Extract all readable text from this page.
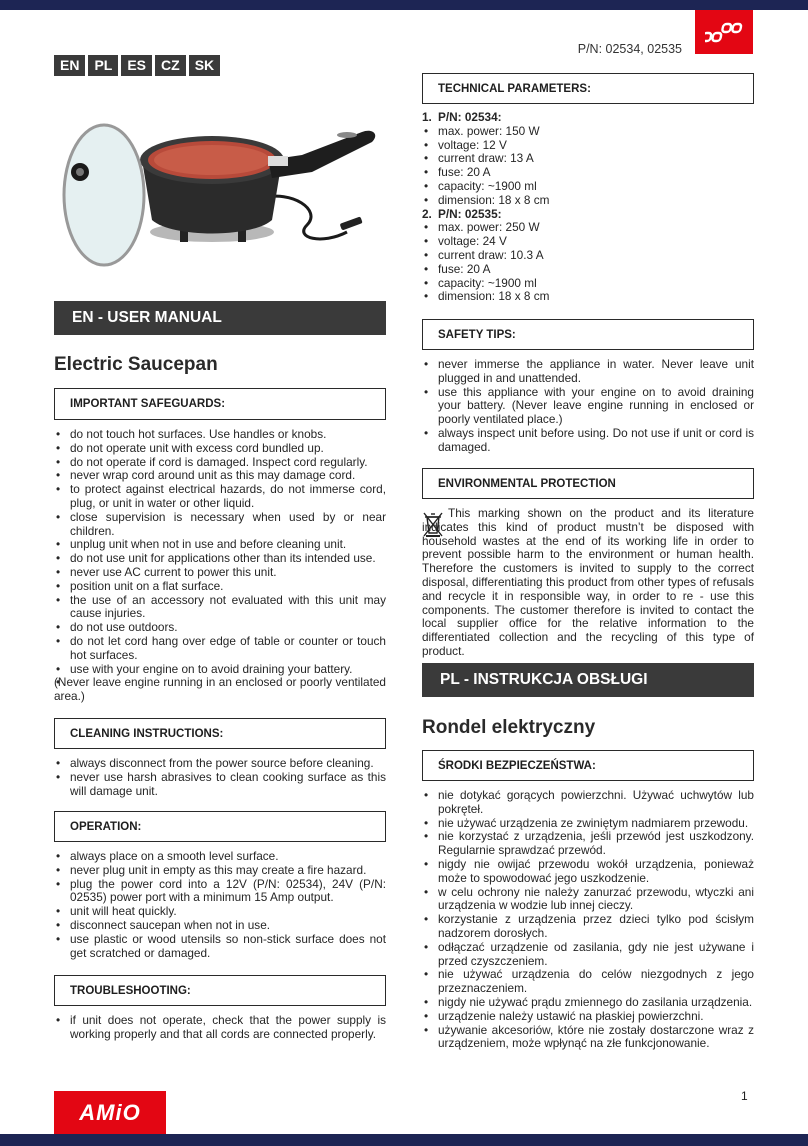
P/N: 02534, 02535
EN	PL	ES	CZ	SK
EN - USER MANUAL
Electric Saucepan
IMPORTANT SAFEGUARDS:
• do not touch hot surfaces. Use handles or knobs.
• do not operate unit with excess cord bundled up.
• do not operate if cord is damaged. Inspect cord regularly.
• never wrap cord around unit as this may damage cord.
• to protect against electrical hazards, do not immerse cord, plug, or unit in water or other liquid.
• close supervision is necessary when used by or near children.
• unplug unit when not in use and before cleaning unit.
• do not use unit for applications other than its intended use.
• never use AC current to power this unit.
• position unit on a flat surface.
• the use of an accessory not evaluated with this unit may cause injuries.
• do not use outdoors.
• do not let cord hang over edge of table or counter or touch hot surfaces.
• use with your engine on to avoid draining your battery.
• (Never leave engine running in an enclosed or poorly ventilated area.)
CLEANING INSTRUCTIONS:
• always disconnect from the power source before cleaning.
• never use harsh abrasives to clean cooking surface as this will damage unit.
OPERATION:
• always place on a smooth level surface.
• never plug unit in empty as this may create a fire hazard.
• plug the power cord into a 12V (P/N: 02534), 24V (P/N: 02535) power port with a minimum 15 Amp output.
• unit will heat quickly.
• disconnect saucepan when not in use.
• use plastic or wood utensils so non-stick surface does not get scratched or damaged.
TROUBLESHOOTING:
• if unit does not operate, check that the power supply is working properly and that all cords are connected properly.
TECHNICAL PARAMETERS:
1. P/N: 02534:
• max. power: 150 W
• voltage: 12 V
• current draw: 13 A
• fuse: 20 A
• capacity: ~1900 ml
• dimension: 18 x 8 cm
2. P/N: 02535:
• max. power: 250 W
• voltage: 24 V
• current draw: 10.3 A
• fuse: 20 A
• capacity: ~1900 ml
• dimension: 18 x 8 cm
SAFETY TIPS:
• never immerse the appliance in water. Never leave unit plugged in and unattended.
• use this appliance with your engine on to avoid draining your battery. (Never leave engine running in enclosed or poorly ventilated place.)
• always inspect unit before using. Do not use if unit or cord is damaged.
ENVIRONMENTAL PROTECTION
This marking shown on the product and its literature indicates this kind of product mustn’t be disposed with household wastes at the end of its working life in order to prevent possible harm to the environment or human health. Therefore the customers is invited to supply to the correct disposal, differentiating this product from other types of refusals and recycle it in responsible way, in order to re - use this components. The customer therefore is invited to contact the local supplier office for the relative information to the differentiated collection and the recycling of this type of product.
PL - INSTRUKCJA OBSŁUGI
Rondel elektryczny
ŚRODKI BEZPIECZEŃSTWA:
• nie dotykać gorących powierzchni. Używać uchwytów lub pokręteł.
• nie używać urządzenia ze zwiniętym nadmiarem przewodu.
• nie korzystać z urządzenia, jeśli przewód jest uszkodzony. Regularnie sprawdzać przewód.
• nigdy nie owijać przewodu wokół urządzenia, ponieważ może to spowodować jego uszkodzenie.
• w celu ochrony nie należy zanurzać przewodu, wtyczki ani urządzenia w wodzie lub innej cieczy.
• korzystanie z urządzenia przez dzieci tylko pod ścisłym nadzorem dorosłych.
• odłączać urządzenie od zasilania, gdy nie jest używane i przed czyszczeniem.
• nie używać urządzenia do celów niezgodnych z jego przeznaczeniem.
• nigdy nie używać prądu zmiennego do zasilania urządzenia.
• urządzenie należy ustawić na płaskiej powierzchni.
• używanie akcesoriów, które nie zostały dostarczone wraz z urządzeniem, może wpłynąć na złe funkcjonowanie.
1
AMiO
